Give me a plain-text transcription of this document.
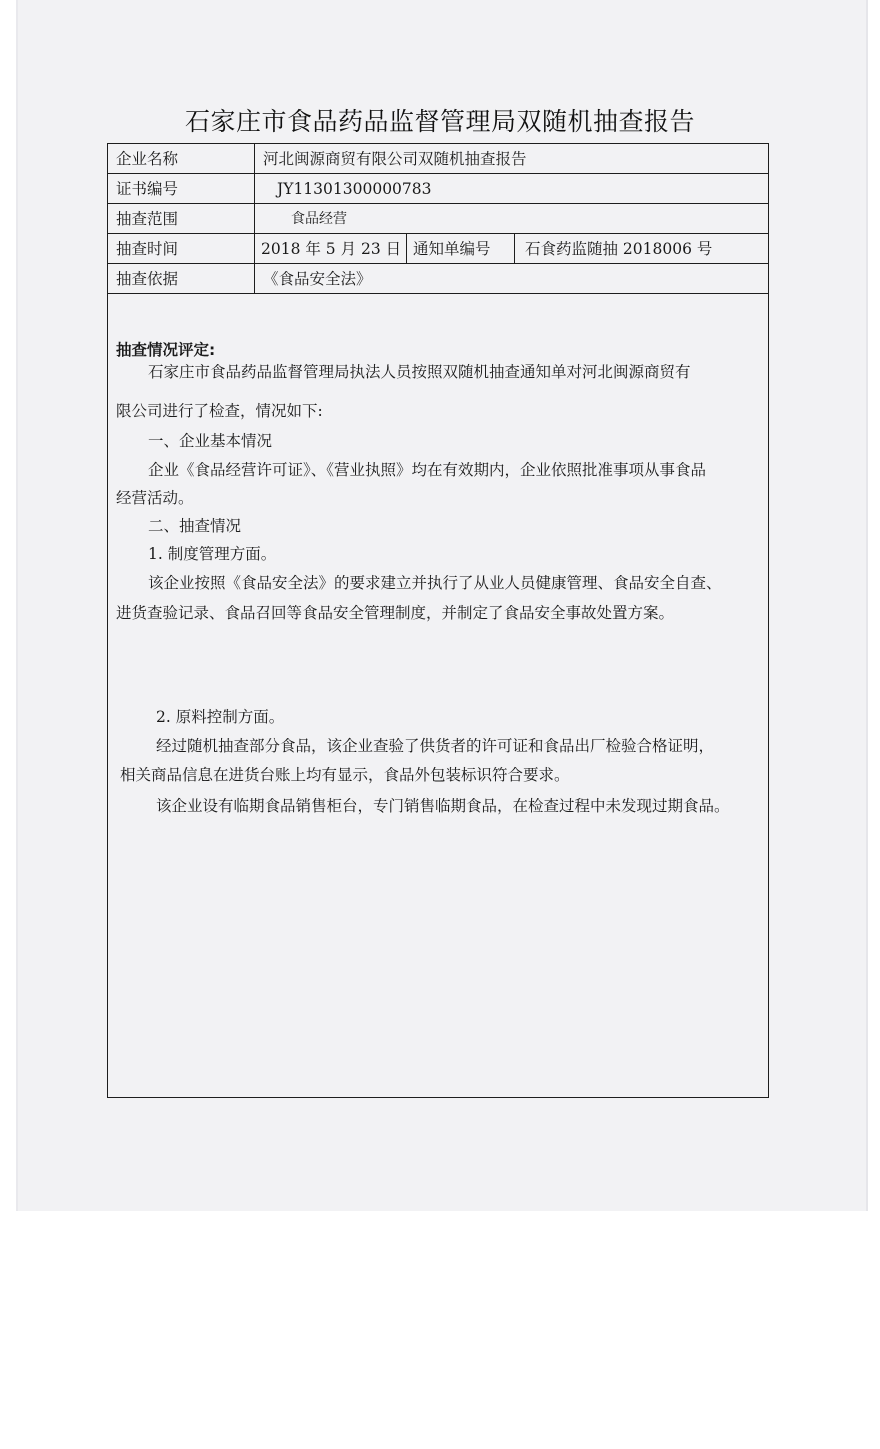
石家庄市食品药品监督管理局双随机抽查报告
企业名称	河北闽源商贸有限公司双随机抽查报告
证书编号	JY11301300000783
抽查范围	食品经营
抽查时间	2018 年 5 月 23 日 通知单编号	石食药监随抽 2018006 号
抽查依据	《食品安全法》
抽查情况评定:
石家庄市食品药品监督管理局执法人员按照双随机抽查通知单对河北闽源商贸有
限公司进行了检查，情况如下:
一、企业基本情况
企业《食品经营许可证》、《营业执照》均在有效期内，企业依照批准事项从事食品
经营活动。
二、抽查情况
1. 制度管理方面。
该企业按照《食品安全法》的要求建立并执行了从业人员健康管理、食品安全自查、
进货查验记录、食品召回等食品安全管理制度，并制定了食品安全事故处置方案。
2. 原料控制方面。
经过随机抽查部分食品，该企业查验了供货者的许可证和食品出厂检验合格证明，
相关商品信息在进货台账上均有显示，食品外包装标识符合要求。
该企业设有临期食品销售柜台，专门销售临期食品，在检查过程中未发现过期食品。
